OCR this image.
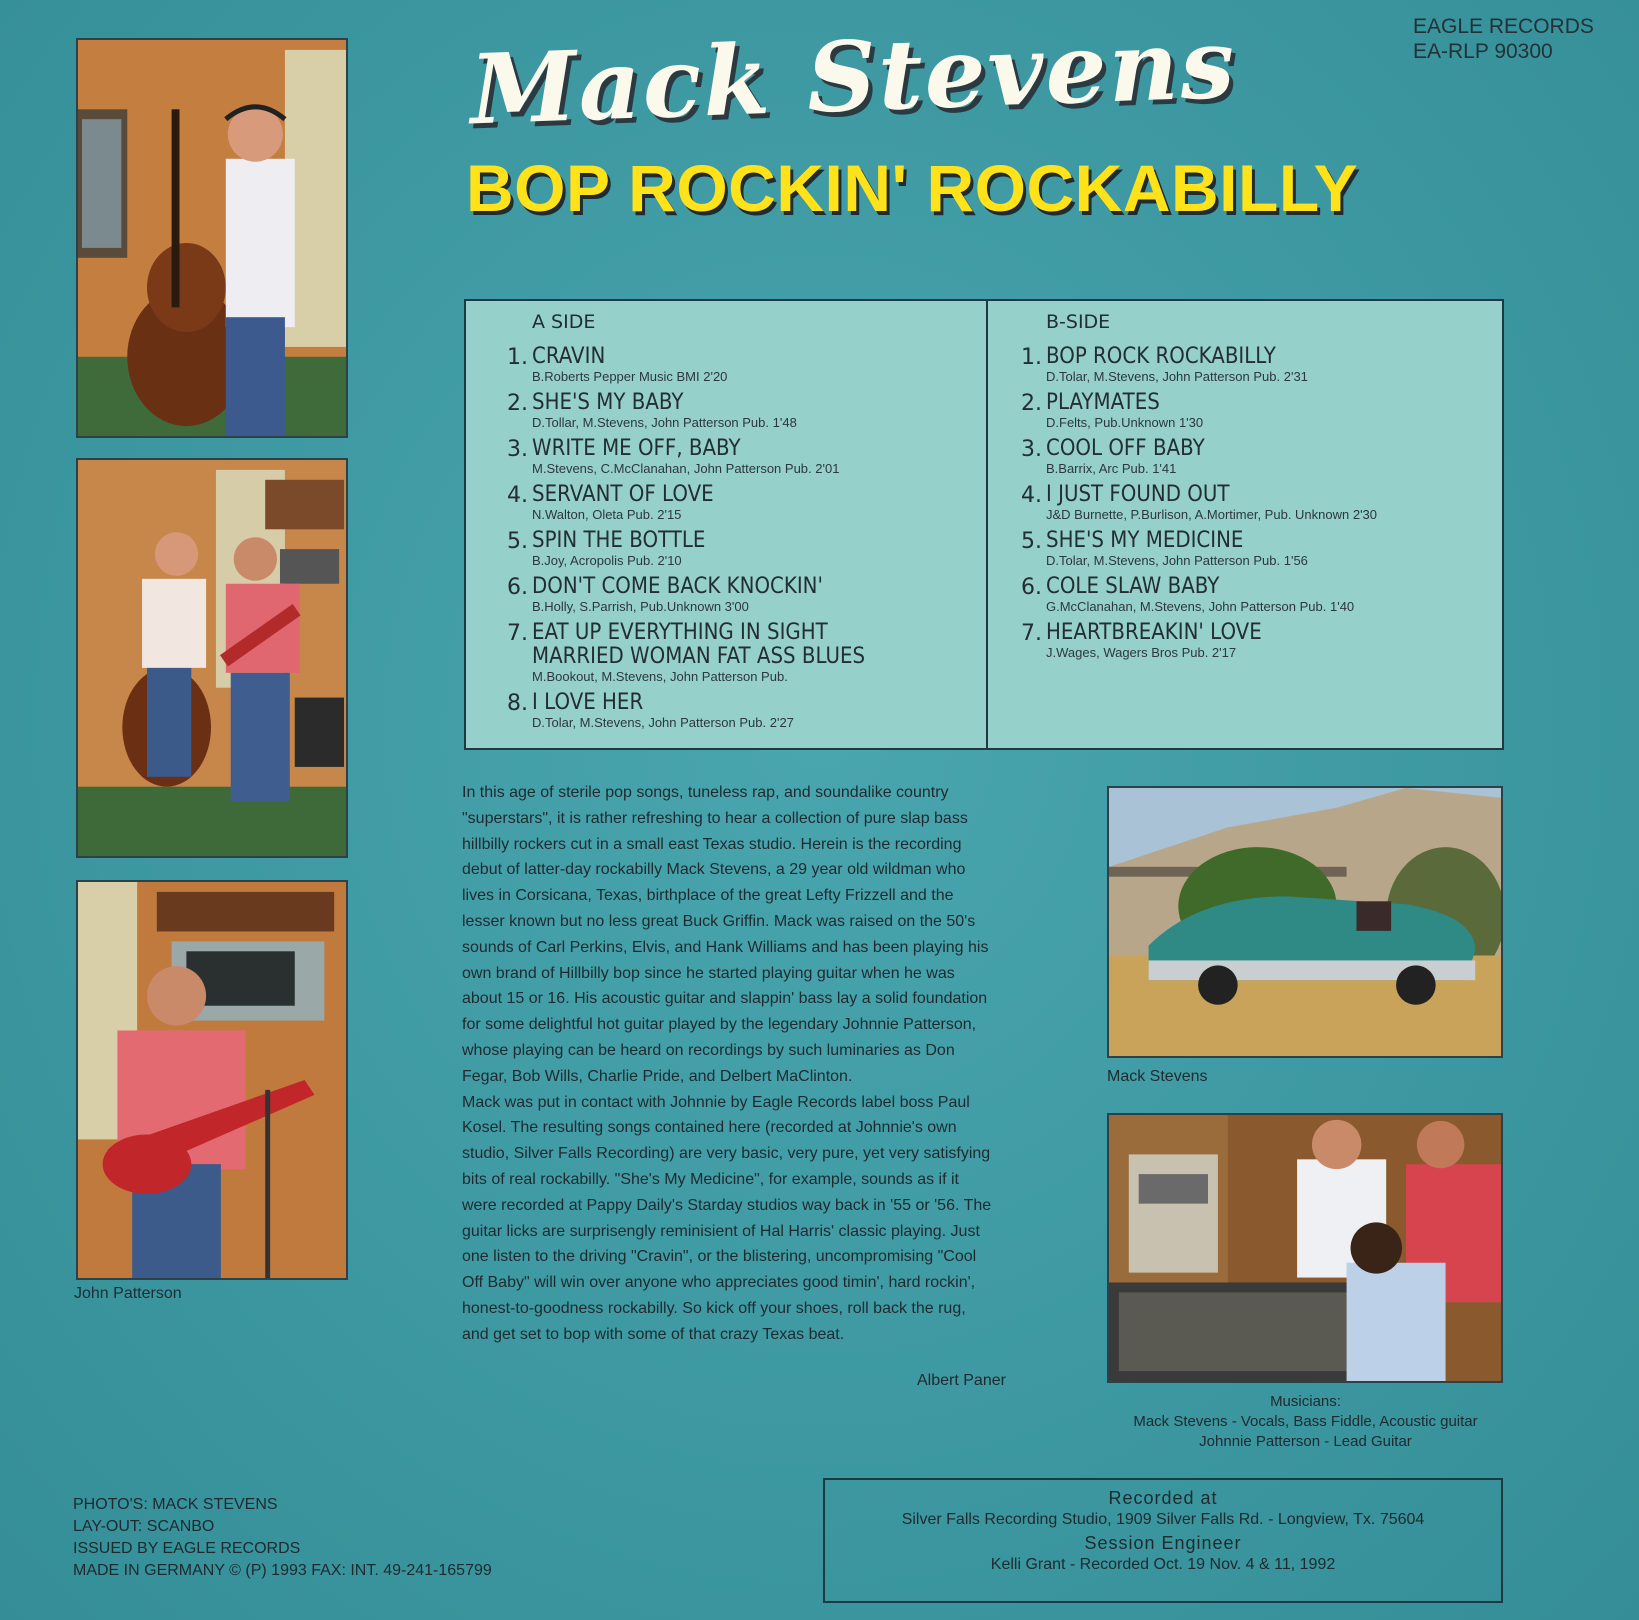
EAGLE RECORDS
EA-RLP 90300
Mack Stevens
BOP ROCKIN' ROCKABILLY
John Patterson
A SIDE
1. CRAVIN
B.Roberts Pepper Music BMI 2'20
2. SHE'S MY BABY
D.Tollar, M.Stevens, John Patterson Pub. 1'48
3. WRITE ME OFF, BABY
M.Stevens, C.McClanahan, John Patterson Pub. 2'01
4. SERVANT OF LOVE
N.Walton, Oleta Pub. 2'15
5. SPIN THE BOTTLE
B.Joy, Acropolis Pub. 2'10
6. DON'T COME BACK KNOCKIN'
B.Holly, S.Parrish, Pub.Unknown 3'00
7. EAT UP EVERYTHING IN SIGHT
MARRIED WOMAN FAT ASS BLUES
M.Bookout, M.Stevens, John Patterson Pub.
8. I LOVE HER
D.Tolar, M.Stevens, John Patterson Pub. 2'27
B-SIDE
1. BOP ROCK ROCKABILLY
D.Tolar, M.Stevens, John Patterson Pub. 2'31
2. PLAYMATES
D.Felts, Pub.Unknown 1'30
3. COOL OFF BABY
B.Barrix, Arc Pub. 1'41
4. I JUST FOUND OUT
J&D Burnette, P.Burlison, A.Mortimer, Pub. Unknown 2'30
5. SHE'S MY MEDICINE
D.Tolar, M.Stevens, John Patterson Pub. 1'56
6. COLE SLAW BABY
G.McClanahan, M.Stevens, John Patterson Pub. 1'40
7. HEARTBREAKIN' LOVE
J.Wages, Wagers Bros Pub. 2'17

In this age of sterile pop songs, tuneless rap, and soundalike country

"superstars", it is rather refreshing to hear a collection of pure slap bass

hillbilly rockers cut in a small east Texas studio. Herein is the recording

debut of latter-day rockabilly Mack Stevens, a 29 year old wildman who

lives in Corsicana, Texas, birthplace of the great Lefty Frizzell and the

lesser known but no less great Buck Griffin. Mack was raised on the 50's

sounds of Carl Perkins, Elvis, and Hank Williams and has been playing his

own brand of Hillbilly bop since he started playing guitar when he was

about 15 or 16. His acoustic guitar and slappin' bass lay a solid foundation

for some delightful hot guitar played by the legendary Johnnie Patterson,

whose playing can be heard on recordings by such luminaries as Don

Fegar, Bob Wills, Charlie Pride, and Delbert MaClinton.

Mack was put in contact with Johnnie by Eagle Records label boss Paul

Kosel. The resulting songs contained here (recorded at Johnnie's own

studio, Silver Falls Recording) are very basic, very pure, yet very satisfying

bits of real rockabilly. "She's My Medicine", for example, sounds as if it

were recorded at Pappy Daily's Starday studios way back in '55 or '56. The

guitar licks are surprisengly reminisient of Hal Harris' classic playing. Just

one listen to the driving "Cravin", or the blistering, uncompromising "Cool

Off Baby" will win over anyone who appreciates good timin', hard rockin',

honest-to-goodness rockabilly. So kick off your shoes, roll back the rug,

and get set to bop with some of that crazy Texas beat.

Albert Paner
Mack Stevens
Musicians:
Mack Stevens - Vocals, Bass Fiddle, Acoustic guitar
Johnnie Patterson - Lead Guitar
PHOTO'S: MACK STEVENS
LAY-OUT: SCANBO
ISSUED BY EAGLE RECORDS
MADE IN GERMANY © (P) 1993 FAX: INT. 49-241-165799
Recorded at
Silver Falls Recording Studio, 1909 Silver Falls Rd. - Longview, Tx. 75604
Session Engineer
Kelli Grant - Recorded Oct. 19 Nov. 4 & 11, 1992
